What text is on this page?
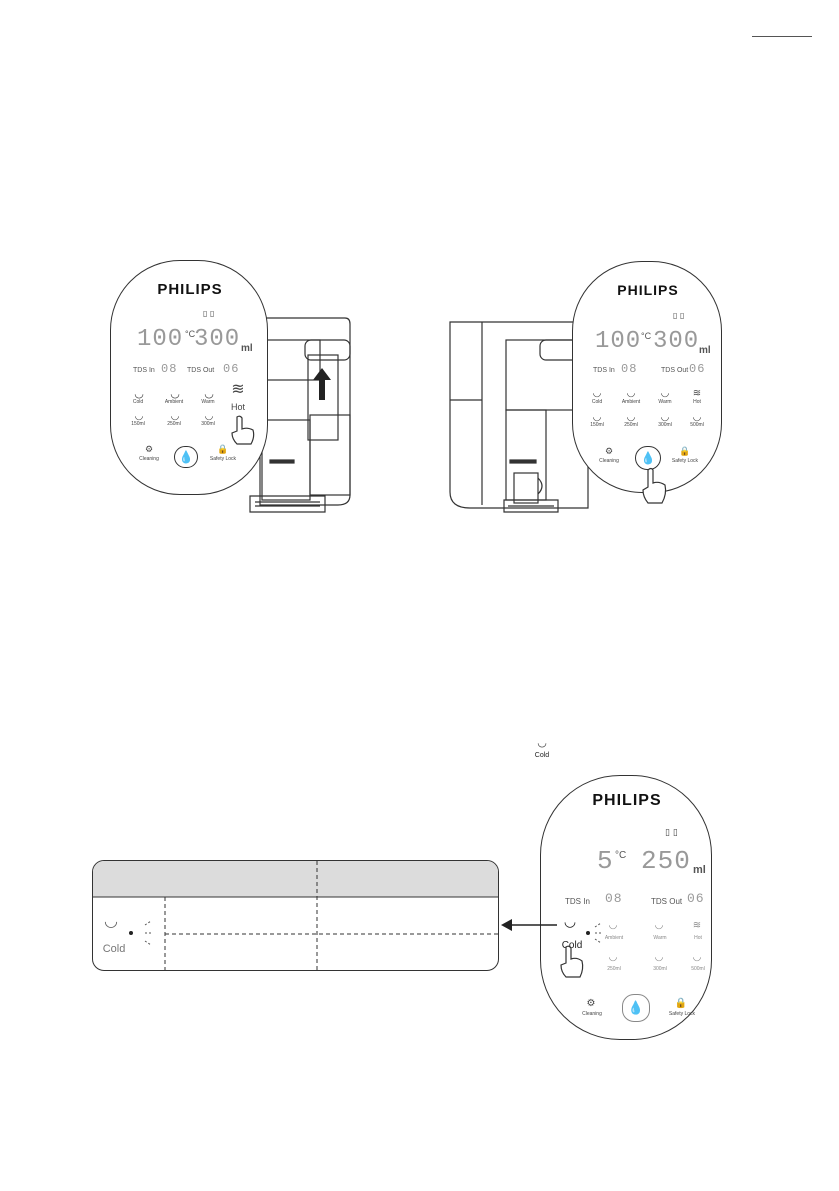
PHILIPS
▯ ▯
100 °C
300 ml
TDS In 08 TDS Out 06
◡
Cold
◡
Ambient
◡
Warm
≋
Hot
◡
150ml
◡
250ml
◡
300ml
⚙
Cleaning	💧	🔒
Safety Lock
PHILIPS
▯ ▯
100 °C 300 ml
TDS In 08	TDS Out 06
◡
Cold
◡
Ambient
◡
Warm
≋
Hot
◡
150ml
◡
250ml
◡
300ml
◡
500ml
⚙
Cleaning	💧	🔒
Safety Lock
◡
Cold
PHILIPS
▯ ▯
5 °C 250 ml
TDS In 08	TDS Out 06
◡
Cold
◡
Ambient
◡
Warm
≋
Hot
◡
250ml
◡
300ml
◡
500ml
⚙
Cleaning	💧	🔒
Safety Lock
◡
Cold
